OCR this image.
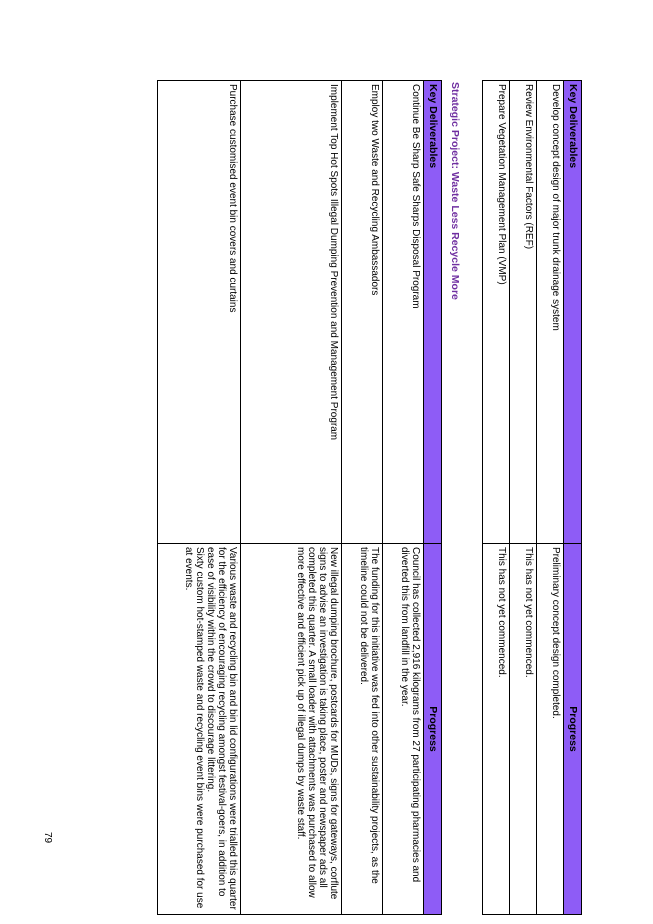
Key Deliverables	Progress
Develop concept design of major trunk drainage system	Preliminary concept design completed.
Review Environmental Factors (REF)	This has not yet commenced.
Prepare Vegetation Management Plan (VMP)	This has not yet commenced.
Strategic Project: Waste Less Recycle More
Key Deliverables	Progress
Continue Be Sharp Safe Sharps Disposal Program	Council has collected 2,916 kilograms from 27 participating pharmacies and diverted this from landfill in the year.

Employ two Waste and Recycling Ambassadors	The funding for this initiative was fed into other sustainability projects, as the timeline could not be delivered.

Implement Top Hot Spots Illegal Dumping Prevention and Management Program	New illegal dumping brochure, postcards for MUDs, signs for gateways, corflute signs to advise an investigation is taking place, poster and newspaper ads all completed this quarter. A small loader with attachments was purchased to allow more effective and efficient pick up of illegal dumps by waste staff.

Purchase customised event bin covers and curtains	Various waste and recycling bin and bin lid configurations were trialled this quarter for the efficiency of encouraging recycling amongst festival-goers, in addition to ease of visibility within the crowd to discourage littering.

Sixty custom hot-stamped waste and recycling event bins were purchased for use at events.

79
